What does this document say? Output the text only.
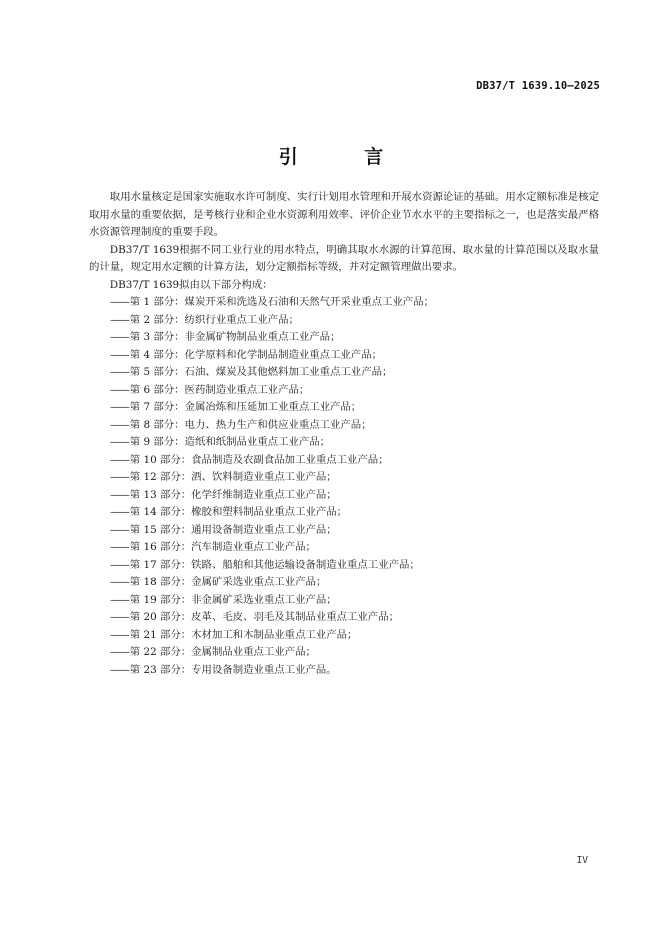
DB37/T 1639.10—2025
引 言

取用水量核定是国家实施取水许可制度、实行计划用水管理和开展水资源论证的基础。用水定额标准是核定取用水量的重要依据，是考核行业和企业水资源利用效率、评价企业节水水平的主要指标之一，也是落实最严格水资源管理制度的重要手段。

DB37/T 1639根据不同工业行业的用水特点，明确其取水水源的计算范围、取水量的计算范围以及取水量的计量，规定用水定额的计算方法，划分定额指标等级，并对定额管理做出要求。

DB37/T 1639拟由以下部分构成：

——第 1 部分：煤炭开采和洗选及石油和天然气开采业重点工业产品；

——第 2 部分：纺织行业重点工业产品；

——第 3 部分：非金属矿物制品业重点工业产品；

——第 4 部分：化学原料和化学制品制造业重点工业产品；

——第 5 部分：石油、煤炭及其他燃料加工业重点工业产品；

——第 6 部分：医药制造业重点工业产品；

——第 7 部分：金属冶炼和压延加工业重点工业产品；

——第 8 部分：电力、热力生产和供应业重点工业产品；

——第 9 部分：造纸和纸制品业重点工业产品；

——第 10 部分：食品制造及农副食品加工业重点工业产品；

——第 12 部分：酒、饮料制造业重点工业产品；

——第 13 部分：化学纤维制造业重点工业产品；

——第 14 部分：橡胶和塑料制品业重点工业产品；

——第 15 部分：通用设备制造业重点工业产品；

——第 16 部分：汽车制造业重点工业产品；

——第 17 部分：铁路、船舶和其他运输设备制造业重点工业产品；

——第 18 部分：金属矿采选业重点工业产品；

——第 19 部分：非金属矿采选业重点工业产品；

——第 20 部分：皮革、毛皮、羽毛及其制品业重点工业产品；

——第 21 部分：木材加工和木制品业重点工业产品；

——第 22 部分：金属制品业重点工业产品；

——第 23 部分：专用设备制造业重点工业产品。

IV
